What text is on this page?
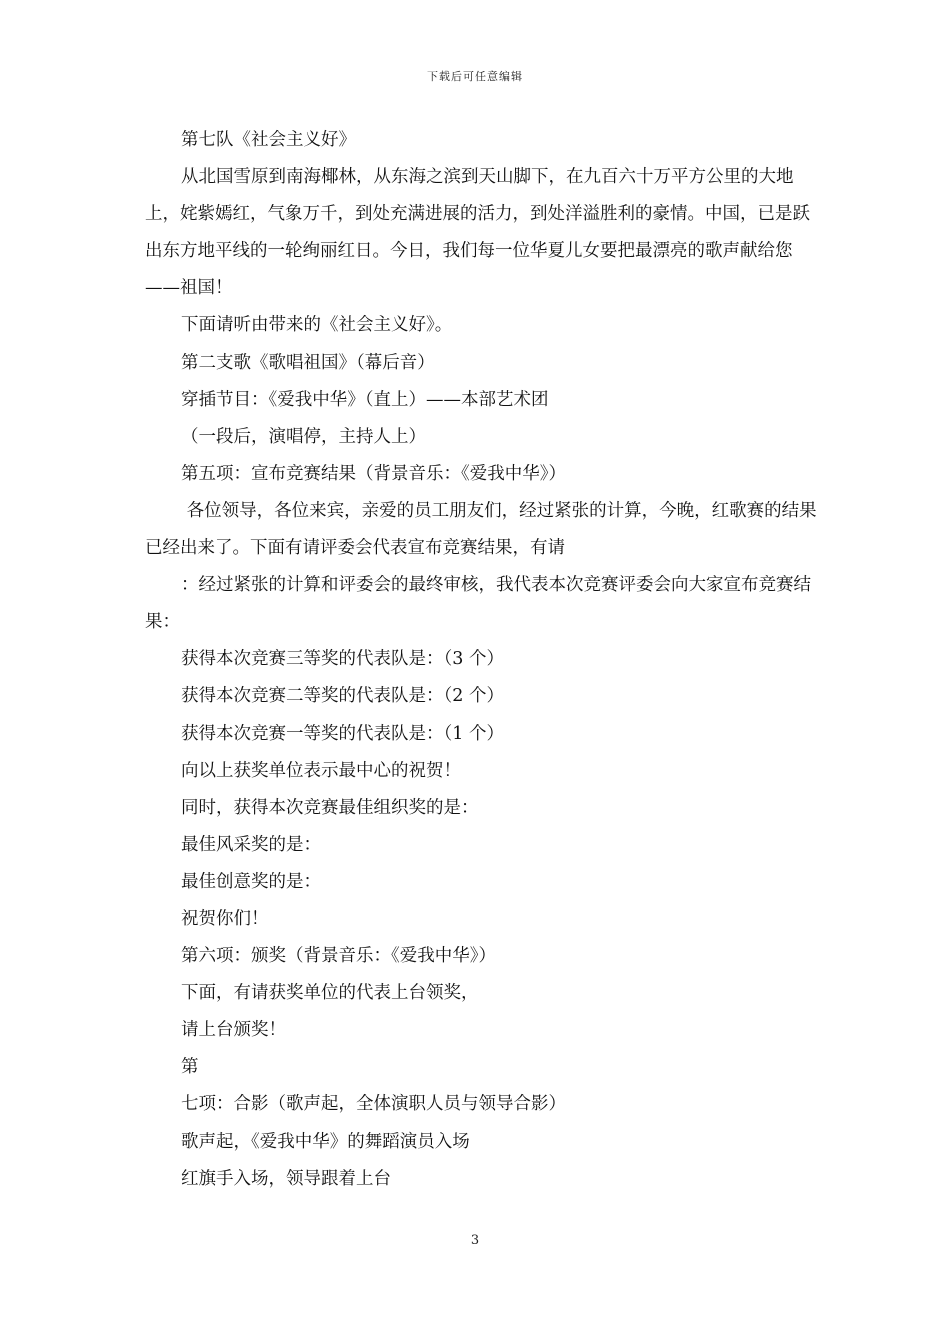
下载后可任意编辑

第七队《社会主义好》

从北国雪原到南海椰林，从东海之滨到天山脚下，在九百六十万平方公里的大地上，姹紫嫣红，气象万千，到处充满进展的活力，到处洋溢胜利的豪情。中国，已是跃出东方地平线的一轮绚丽红日。今日，我们每一位华夏儿女要把最漂亮的歌声献给您——祖国！

下面请听由带来的《社会主义好》。

第二支歌《歌唱祖国》（幕后音）

穿插节目：《爱我中华》（直上）——本部艺术团

（一段后，演唱停，主持人上）

第五项：宣布竞赛结果（背景音乐：《爱我中华》）

各位领导，各位来宾，亲爱的员工朋友们，经过紧张的计算，今晚，红歌赛的结果已经出来了。下面有请评委会代表宣布竞赛结果，有请

：经过紧张的计算和评委会的最终审核，我代表本次竞赛评委会向大家宣布竞赛结果：

获得本次竞赛三等奖的代表队是：（3 个）

获得本次竞赛二等奖的代表队是：（2 个）

获得本次竞赛一等奖的代表队是：（1 个）

向以上获奖单位表示最中心的祝贺！

同时，获得本次竞赛最佳组织奖的是：

最佳风采奖的是：

最佳创意奖的是：

祝贺你们！

第六项：颁奖（背景音乐：《爱我中华》）

下面，有请获奖单位的代表上台领奖，

请上台颁奖！

第

七项：合影（歌声起，全体演职人员与领导合影）

歌声起，《爱我中华》的舞蹈演员入场

红旗手入场，领导跟着上台

3
